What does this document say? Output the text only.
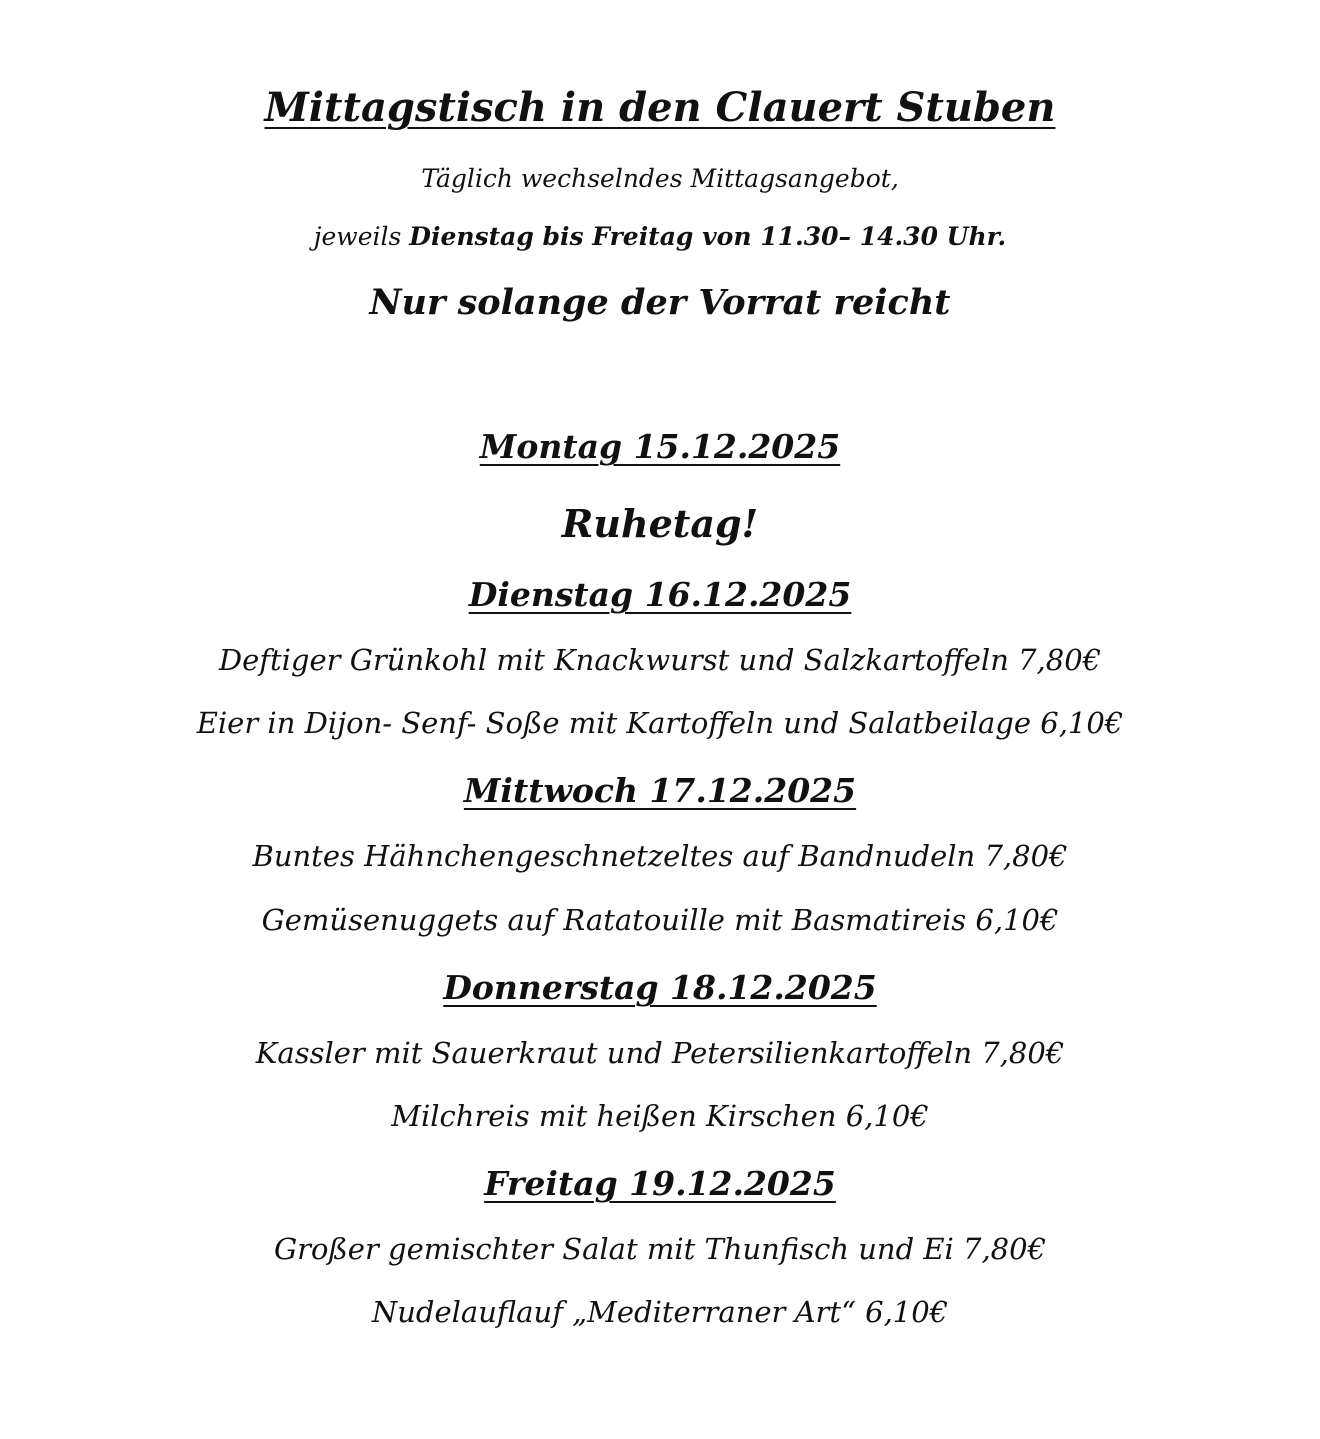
Mittagstisch in den Clauert Stuben
Täglich wechselndes Mittagsangebot,
jeweils Dienstag bis Freitag von 11.30– 14.30 Uhr.
Nur solange der Vorrat reicht
Montag 15.12.2025
Ruhetag!
Dienstag 16.12.2025
Deftiger Grünkohl mit Knackwurst und Salzkartoffeln 7,80€
Eier in Dijon- Senf- Soße mit Kartoffeln und Salatbeilage 6,10€
Mittwoch 17.12.2025
Buntes Hähnchengeschnetzeltes auf Bandnudeln 7,80€
Gemüsenuggets auf Ratatouille mit Basmatireis 6,10€
Donnerstag 18.12.2025
Kassler mit Sauerkraut und Petersilienkartoffeln 7,80€
Milchreis mit heißen Kirschen 6,10€
Freitag 19.12.2025
Großer gemischter Salat mit Thunfisch und Ei 7,80€
Nudelauflauf „Mediterraner Art“ 6,10€
